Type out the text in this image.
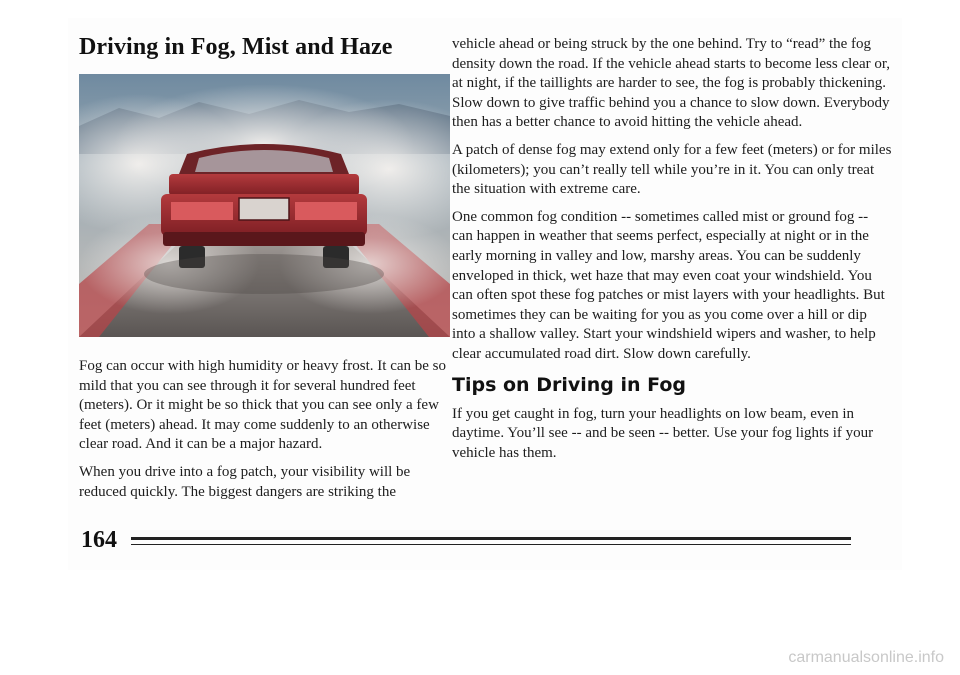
Driving in Fog, Mist and Haze

Fog can occur with high humidity or heavy frost. It can be so mild that you can see through it for several hundred feet (meters). Or it might be so thick that you can see only a few feet (meters) ahead. It may come suddenly to an otherwise clear road. And it can be a major hazard.

When you drive into a fog patch, your visibility will be reduced quickly. The biggest dangers are striking the

vehicle ahead or being struck by the one behind. Try to “read” the fog density down the road. If the vehicle ahead starts to become less clear or, at night, if the taillights are harder to see, the fog is probably thickening. Slow down to give traffic behind you a chance to slow down. Everybody then has a better chance to avoid hitting the vehicle ahead.

A patch of dense fog may extend only for a few feet (meters) or for miles (kilometers); you can’t really tell while you’re in it. You can only treat the situation with extreme care.

One common fog condition -- sometimes called mist or ground fog -- can happen in weather that seems perfect, especially at night or in the early morning in valley and low, marshy areas. You can be suddenly enveloped in thick, wet haze that may even coat your windshield. You can often spot these fog patches or mist layers with your headlights. But sometimes they can be waiting for you as you come over a hill or dip into a shallow valley. Start your windshield wipers and washer, to help clear accumulated road dirt. Slow down carefully.

Tips on Driving in Fog

If you get caught in fog, turn your headlights on low beam, even in daytime. You’ll see -- and be seen -- better. Use your fog lights if your vehicle has them.

164
carmanualsonline.info
